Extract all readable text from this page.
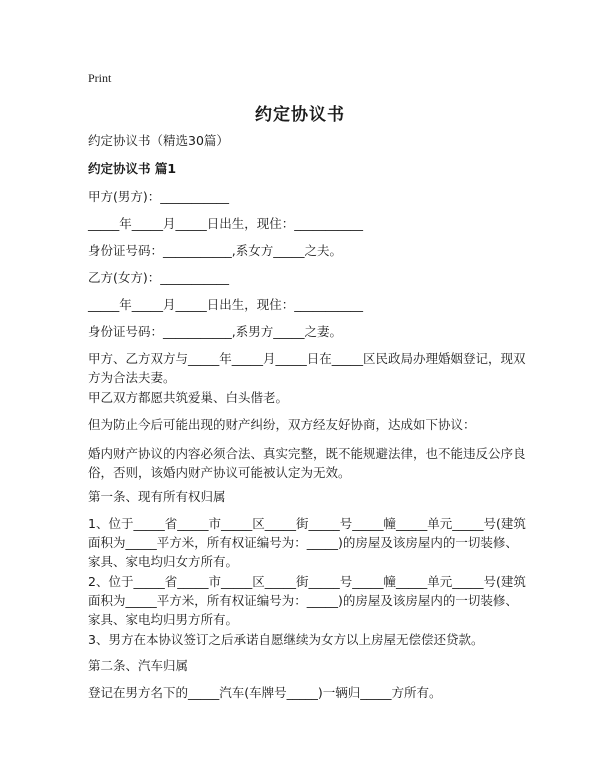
Print
约定协议书
约定协议书（精选30篇）
约定协议书 篇1
甲方(男方)：___________
_____年_____月_____日出生，现住：___________
身份证号码：___________,系女方_____之夫。
乙方(女方)：___________
_____年_____月_____日出生，现住：___________
身份证号码：___________,系男方_____之妻。
甲方、乙方双方与_____年_____月_____日在_____区民政局办理婚姻登记，现双方为合法夫妻。
甲乙双方都愿共筑爱巢、白头偕老。
但为防止今后可能出现的财产纠纷，双方经友好协商，达成如下协议：
婚内财产协议的内容必须合法、真实完整，既不能规避法律，也不能违反公序良俗，否则，该婚内财产协议可能被认定为无效。
第一条、现有所有权归属
1、位于_____省_____市_____区_____街_____号_____幢_____单元_____号(建筑面积为_____平方米，所有权证编号为：_____)的房屋及该房屋内的一切装修、家具、家电均归女方所有。
2、位于_____省_____市_____区_____街_____号_____幢_____单元_____号(建筑面积为_____平方米，所有权证编号为：_____)的房屋及该房屋内的一切装修、家具、家电均归男方所有。
3、男方在本协议签订之后承诺自愿继续为女方以上房屋无偿偿还贷款。
第二条、汽车归属
登记在男方名下的_____汽车(车牌号_____)一辆归_____方所有。
